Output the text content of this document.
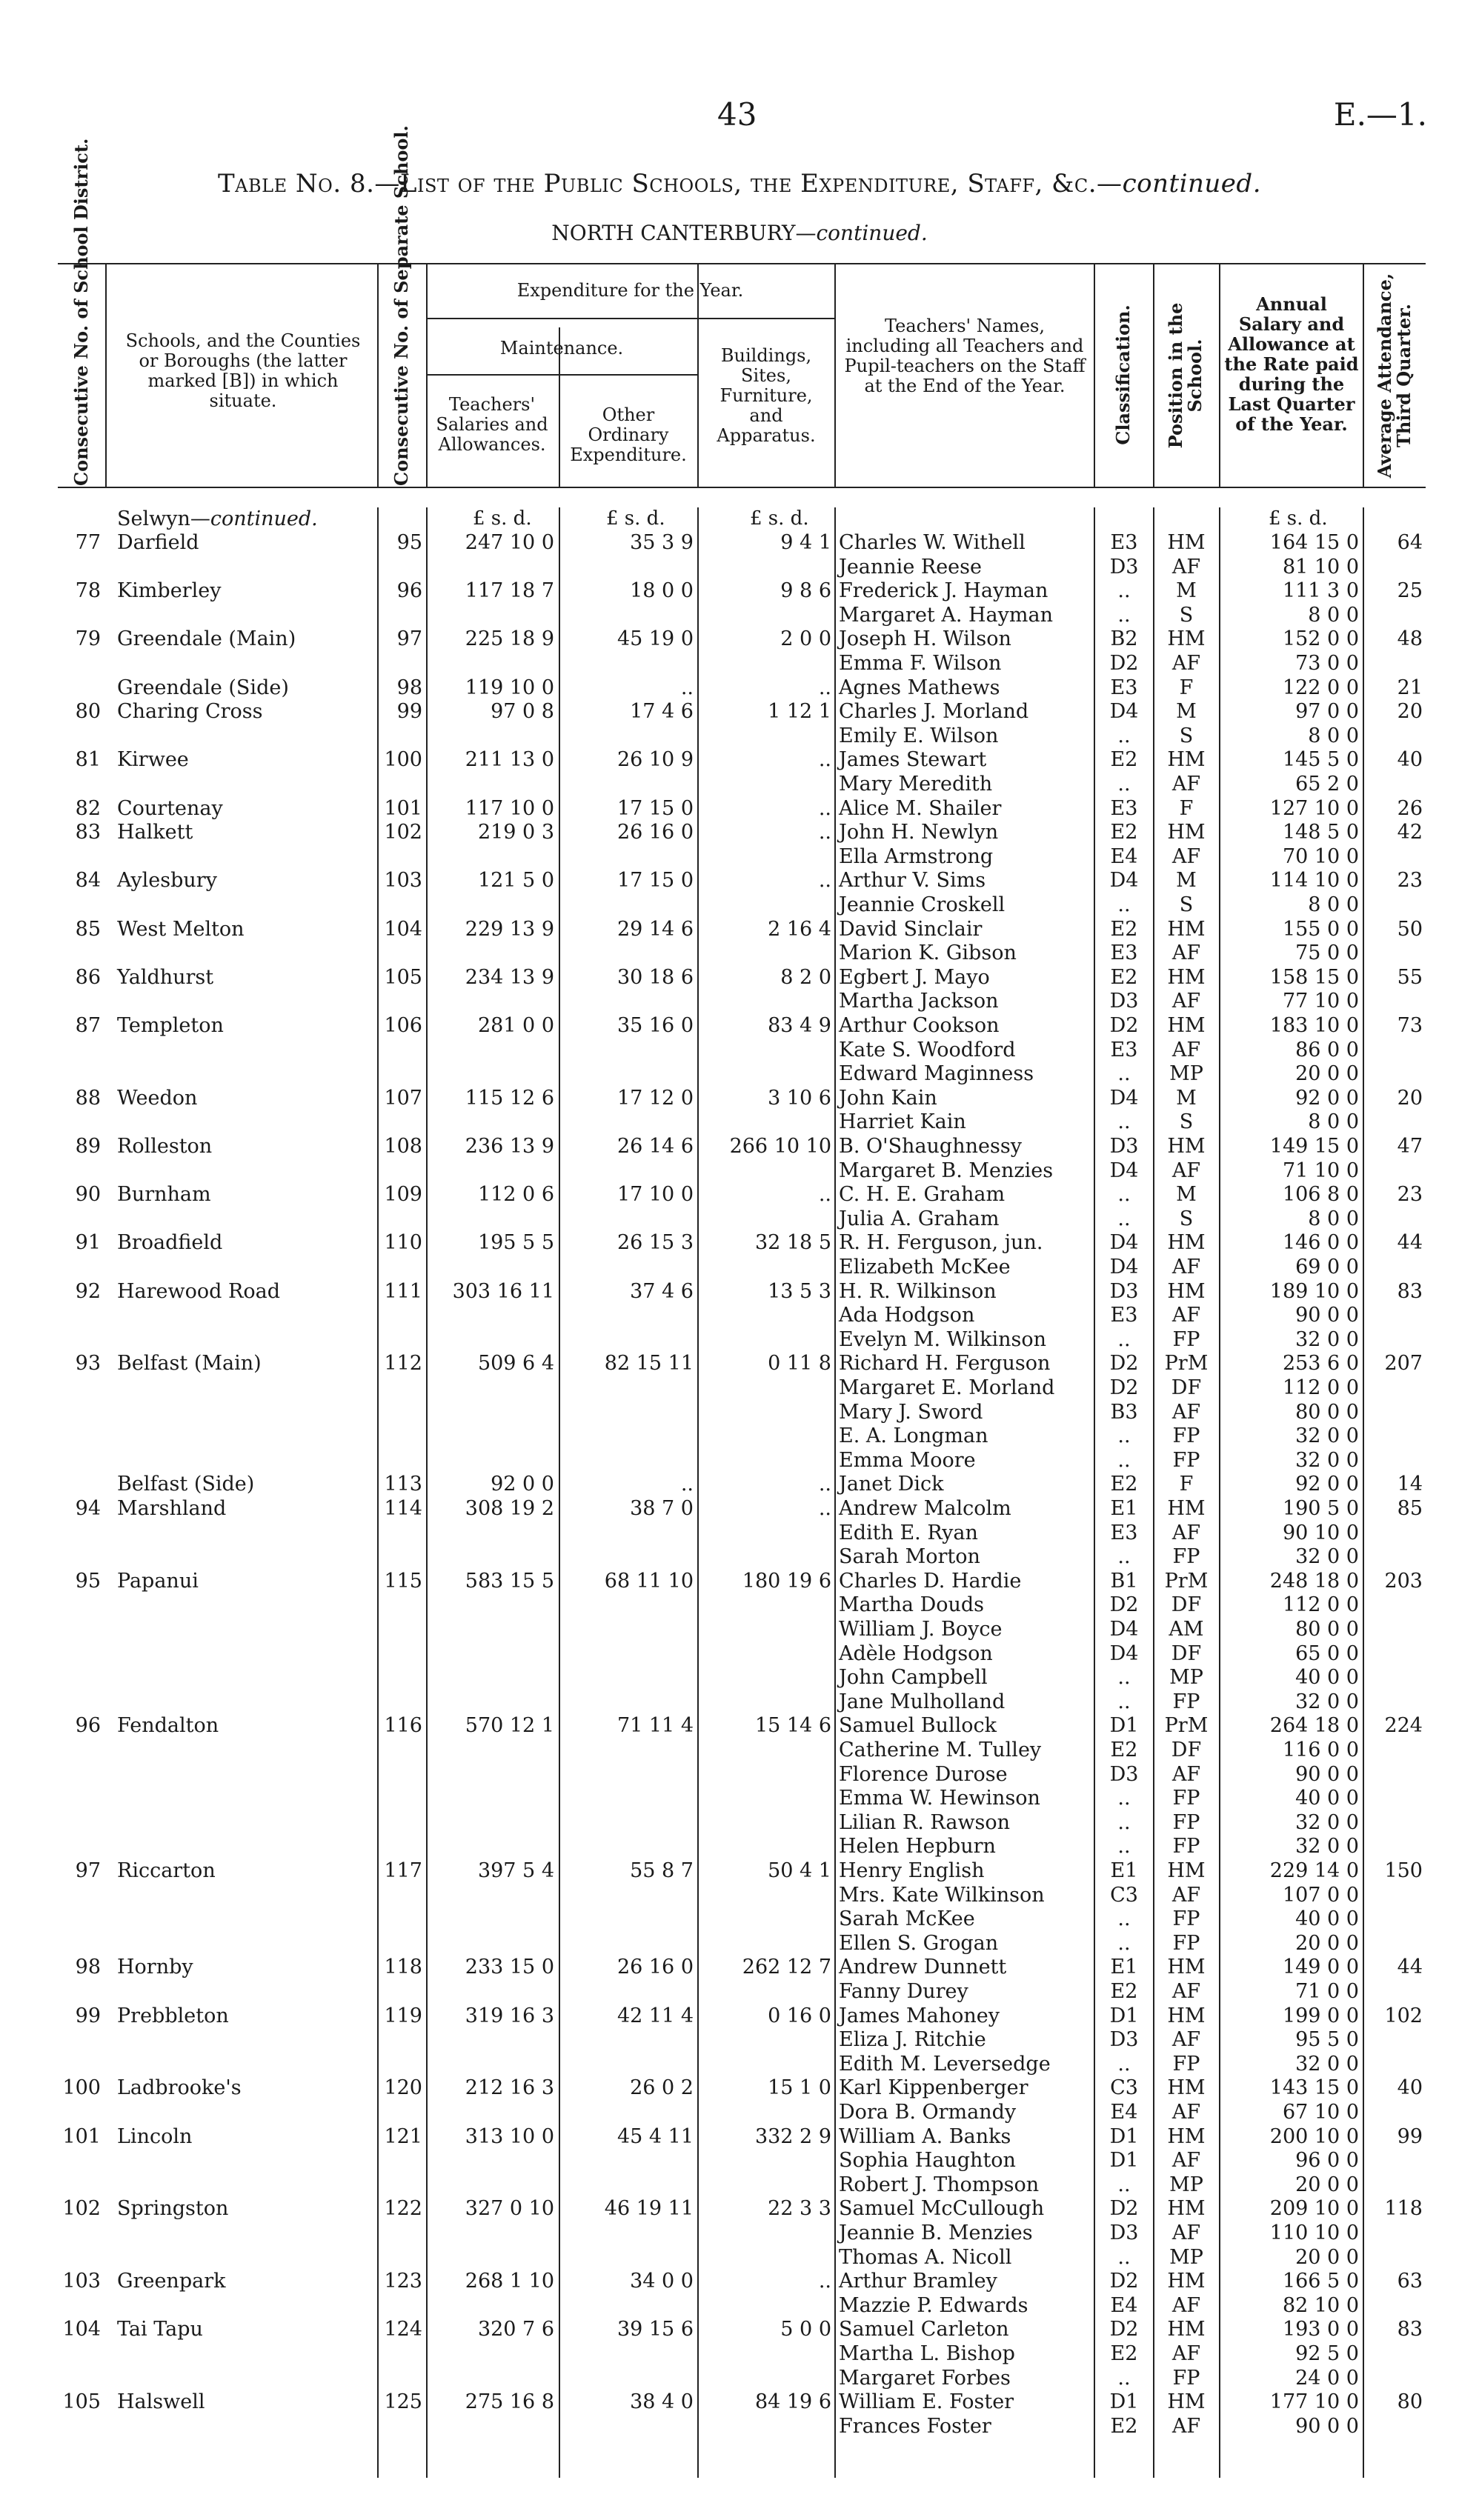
43	E.—1.
Table No. 8.—List of the Public Schools, the Expenditure, Staff, &c.—continued.
NORTH CANTERBURY—continued.
Consecutive No. of School District.	Schools, and the Counties or Boroughs (the latter marked [B]) in which situate.	Consecutive No. of Separate School.	Expenditure for the Year.
Maintenance.
Teachers' Salaries and Allowances.
Other Ordinary Expenditure.
Buildings, Sites, Furniture, and Apparatus.
Teachers' Names, including all Teachers and Pupil-teachers on the Staff at the End of the Year.	Classification. Position in the School.
Annual Salary and Allowance at the Rate paid during the Last Quarter of the Year.	Average Attendance, Third Quarter.
Selwyn—continued.	£ s. d.	£ s. d.	£ s. d.	£ s. d.
77 Darfield	95	247 10 0	35 3 9	9 4 1 Charles W. Withell	E3	HM	164 15 0	64
Jeannie Reese	D3	AF	81 10 0
78 Kimberley	96	117 18 7	18 0 0	9 8 6 Frederick J. Hayman	..	M	111 3 0	25
Margaret A. Hayman	..	S	8 0 0
79 Greendale (Main)	97	225 18 9	45 19 0	2 0 0 Joseph H. Wilson	B2	HM	152 0 0	48
Emma F. Wilson	D2	AF	73 0 0
Greendale (Side)	98	119 10 0	..	.. Agnes Mathews	E3	F	122 0 0	21
80 Charing Cross	99	97 0 8	17 4 6	1 12 1 Charles J. Morland	D4	M	97 0 0	20
Emily E. Wilson	..	S	8 0 0
81 Kirwee	100	211 13 0	26 10 9	.. James Stewart	E2	HM	145 5 0	40
Mary Meredith	..	AF	65 2 0
82 Courtenay	101	117 10 0	17 15 0	.. Alice M. Shailer	E3	F	127 10 0	26
83 Halkett	102	219 0 3	26 16 0	.. John H. Newlyn	E2	HM	148 5 0	42
Ella Armstrong	E4	AF	70 10 0
84 Aylesbury	103	121 5 0	17 15 0	.. Arthur V. Sims	D4	M	114 10 0	23
Jeannie Croskell	..	S	8 0 0
85 West Melton	104	229 13 9	29 14 6	2 16 4 David Sinclair	E2	HM	155 0 0	50
Marion K. Gibson	E3	AF	75 0 0
86 Yaldhurst	105	234 13 9	30 18 6	8 2 0 Egbert J. Mayo	E2	HM	158 15 0	55
Martha Jackson	D3	AF	77 10 0
87 Templeton	106	281 0 0	35 16 0	83 4 9 Arthur Cookson	D2	HM	183 10 0	73
Kate S. Woodford	E3	AF	86 0 0
Edward Maginness	..	MP	20 0 0
88 Weedon	107	115 12 6	17 12 0	3 10 6 John Kain	D4	M	92 0 0	20
Harriet Kain	..	S	8 0 0
89 Rolleston	108	236 13 9	26 14 6	266 10 10 B. O'Shaughnessy	D3	HM	149 15 0	47
Margaret B. Menzies	D4	AF	71 10 0
90 Burnham	109	112 0 6	17 10 0	.. C. H. E. Graham	..	M	106 8 0	23
Julia A. Graham	..	S	8 0 0
91 Broadfield	110	195 5 5	26 15 3	32 18 5 R. H. Ferguson, jun.	D4	HM	146 0 0	44
Elizabeth McKee	D4	AF	69 0 0
92 Harewood Road	111	303 16 11	37 4 6	13 5 3 H. R. Wilkinson	D3	HM	189 10 0	83
Ada Hodgson	E3	AF	90 0 0
Evelyn M. Wilkinson	..	FP	32 0 0
93 Belfast (Main)	112	509 6 4	82 15 11	0 11 8 Richard H. Ferguson	D2	PrM	253 6 0	207
Margaret E. Morland	D2	DF	112 0 0
Mary J. Sword	B3	AF	80 0 0
E. A. Longman	..	FP	32 0 0
Emma Moore	..	FP	32 0 0
Belfast (Side)	113	92 0 0	..	.. Janet Dick	E2	F	92 0 0	14
94 Marshland	114	308 19 2	38 7 0	.. Andrew Malcolm	E1	HM	190 5 0	85
Edith E. Ryan	E3	AF	90 10 0
Sarah Morton	..	FP	32 0 0
95 Papanui	115	583 15 5	68 11 10	180 19 6 Charles D. Hardie	B1	PrM	248 18 0	203
Martha Douds	D2	DF	112 0 0
William J. Boyce	D4	AM	80 0 0
Adèle Hodgson	D4	DF	65 0 0
John Campbell	..	MP	40 0 0
Jane Mulholland	..	FP	32 0 0
96 Fendalton	116	570 12 1	71 11 4	15 14 6 Samuel Bullock	D1	PrM	264 18 0	224
Catherine M. Tulley	E2	DF	116 0 0
Florence Durose	D3	AF	90 0 0
Emma W. Hewinson	..	FP	40 0 0
Lilian R. Rawson	..	FP	32 0 0
Helen Hepburn	..	FP	32 0 0
97 Riccarton	117	397 5 4	55 8 7	50 4 1 Henry English	E1	HM	229 14 0	150
Mrs. Kate Wilkinson	C3	AF	107 0 0
Sarah McKee	..	FP	40 0 0
Ellen S. Grogan	..	FP	20 0 0
98 Hornby	118	233 15 0	26 16 0	262 12 7 Andrew Dunnett	E1	HM	149 0 0	44
Fanny Durey	E2	AF	71 0 0
99 Prebbleton	119	319 16 3	42 11 4	0 16 0 James Mahoney	D1	HM	199 0 0	102
Eliza J. Ritchie	D3	AF	95 5 0
Edith M. Leversedge	..	FP	32 0 0
100 Ladbrooke's	120	212 16 3	26 0 2	15 1 0 Karl Kippenberger	C3	HM	143 15 0	40
Dora B. Ormandy	E4	AF	67 10 0
101 Lincoln	121	313 10 0	45 4 11	332 2 9 William A. Banks	D1	HM	200 10 0	99
Sophia Haughton	D1	AF	96 0 0
Robert J. Thompson	..	MP	20 0 0
102 Springston	122	327 0 10	46 19 11	22 3 3 Samuel McCullough	D2	HM	209 10 0	118
Jeannie B. Menzies	D3	AF	110 10 0
Thomas A. Nicoll	..	MP	20 0 0
103 Greenpark	123	268 1 10	34 0 0	.. Arthur Bramley	D2	HM	166 5 0	63
Mazzie P. Edwards	E4	AF	82 10 0
104 Tai Tapu	124	320 7 6	39 15 6	5 0 0 Samuel Carleton	D2	HM	193 0 0	83
Martha L. Bishop	E2	AF	92 5 0
Margaret Forbes	..	FP	24 0 0
105 Halswell	125	275 16 8	38 4 0	84 19 6 William E. Foster	D1	HM	177 10 0	80
Frances Foster	E2	AF	90 0 0
